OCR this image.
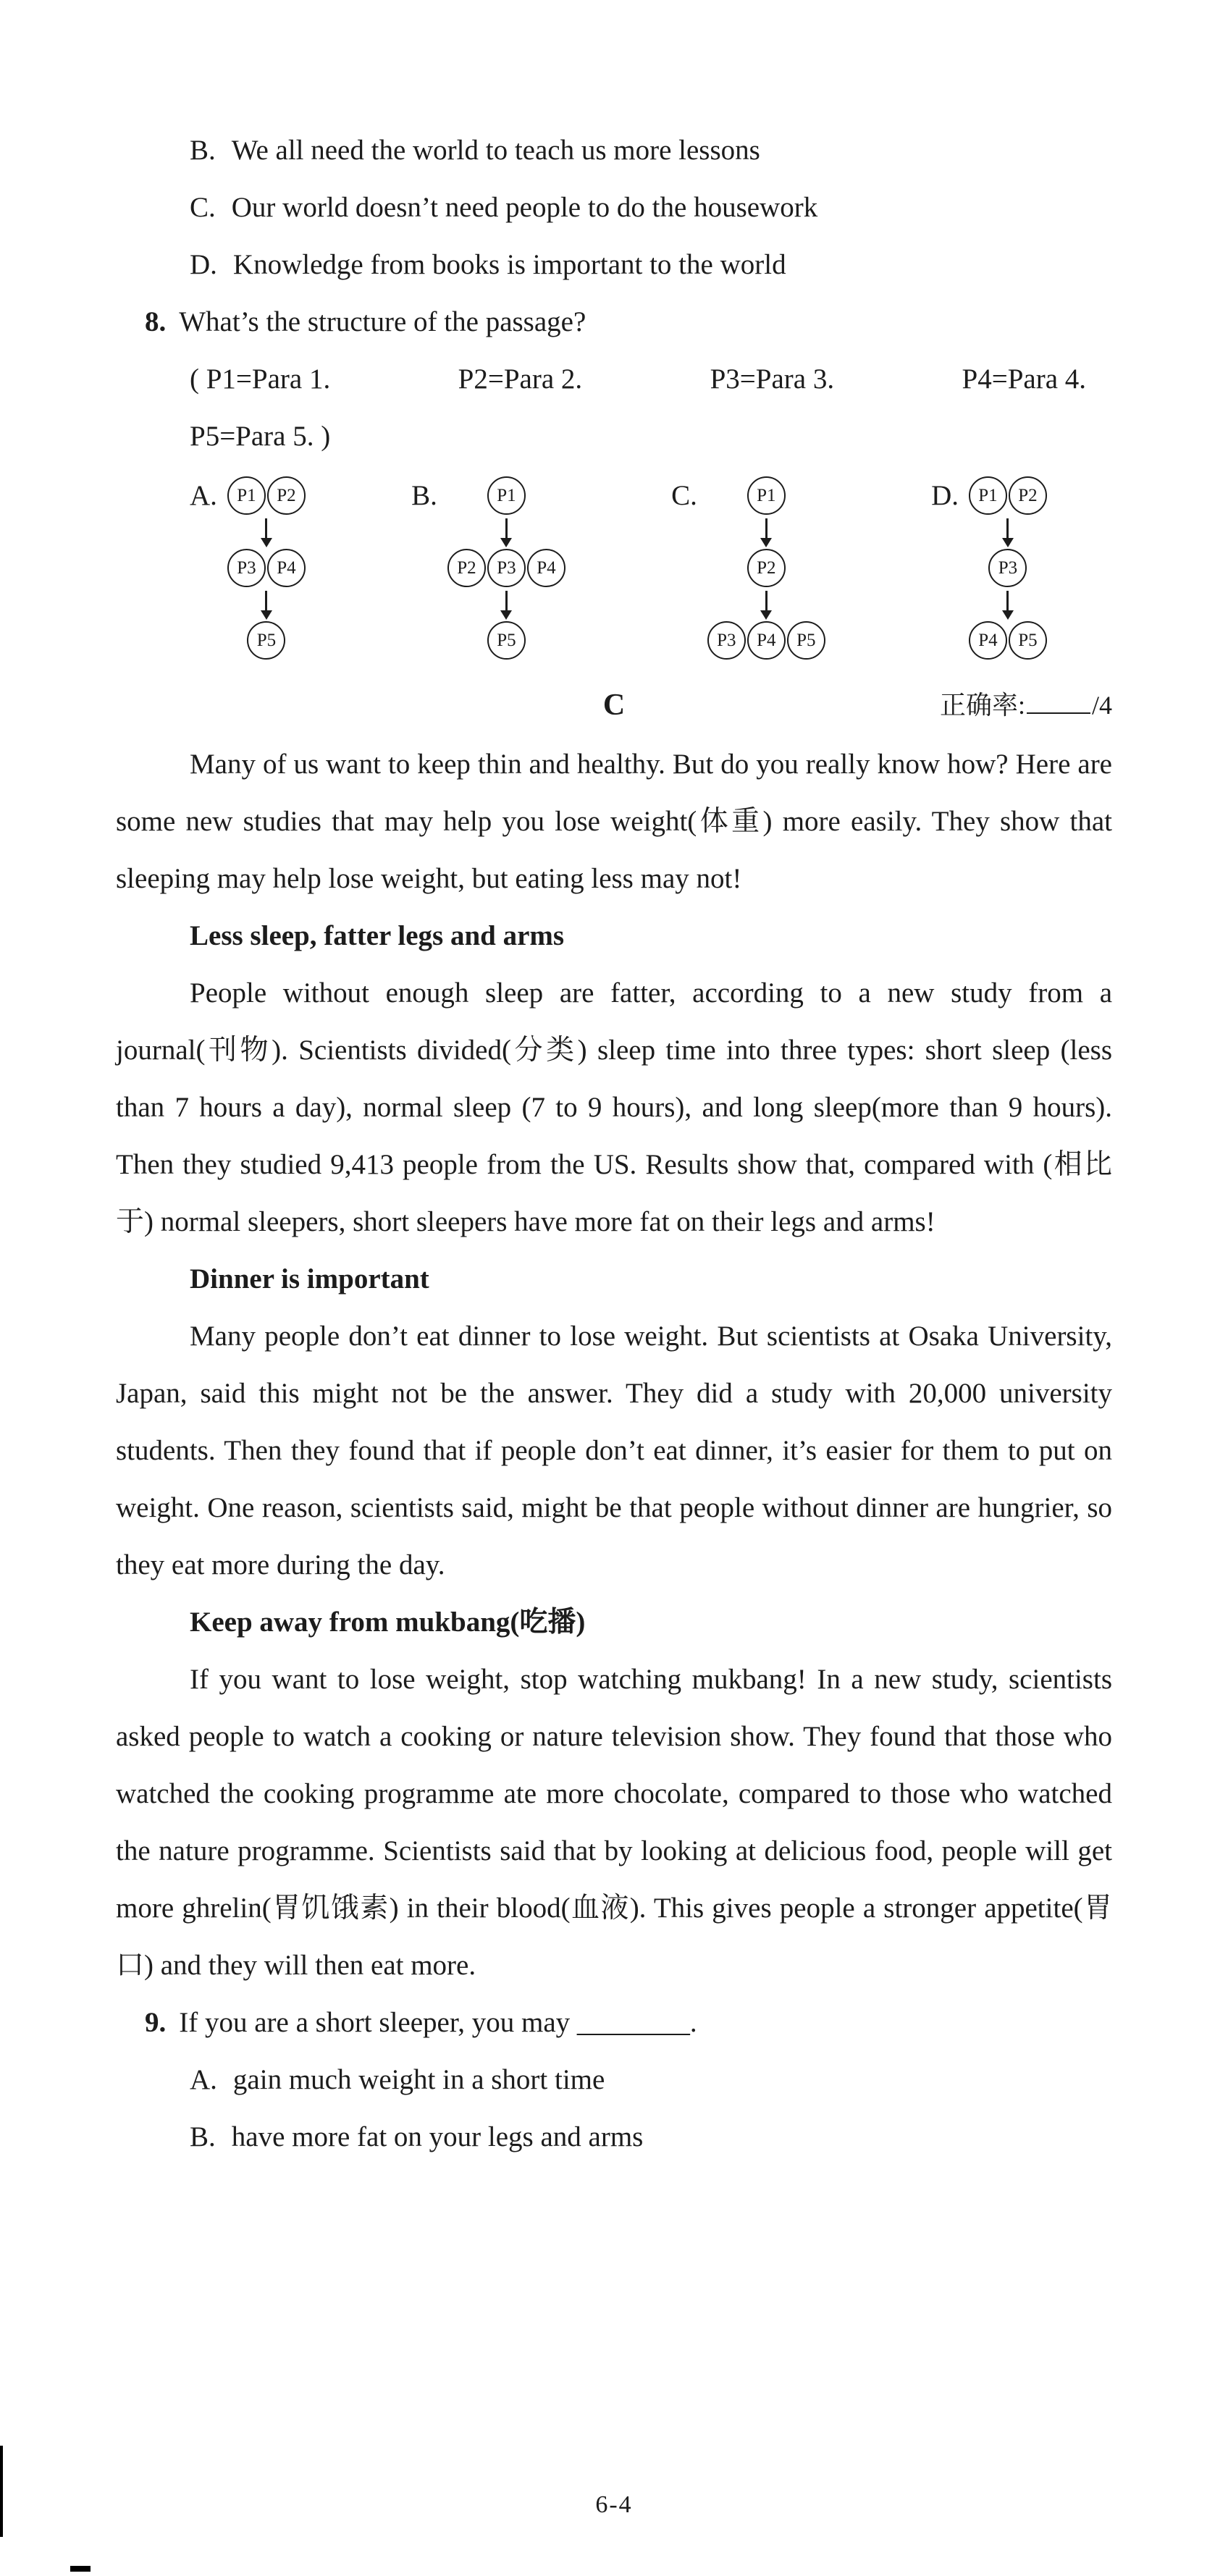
B. We all need the world to teach us more lessons
C. Our world doesn’t need people to do the housework
D. Knowledge from books is important to the world
8. What’s the structure of the passage?
( P1=Para 1.	P2=Para 2.	P3=Para 3.	P4=Para 4.
P5=Para 5. )
A.	P1	P2
P3	P4
P5
B.	P1
P2	P3	P4
P5
C.	P1
P2
P3	P4	P5
D.	P1	P2
P3
P4	P5
C	正确率:	/4

Many of us want to keep thin and healthy. But do you really know how? Here are some new studies that may help you lose weight(体重) more easily. They show that sleeping may help lose weight, but eating less may not!

Less sleep, fatter legs and arms

People without enough sleep are fatter, according to a new study from a journal(刊物). Scientists divided(分类) sleep time into three types: short sleep (less than 7 hours a day), normal sleep (7 to 9 hours), and long sleep(more than 9 hours). Then they studied 9,413 people from the US. Results show that, compared with (相比于) normal sleepers, short sleepers have more fat on their legs and arms!

Dinner is important

Many people don’t eat dinner to lose weight. But scientists at Osaka University, Japan, said this might not be the answer. They did a study with 20,000 university students. Then they found that if people don’t eat dinner, it’s easier for them to put on weight. One reason, scientists said, might be that people without dinner are hungrier, so they eat more during the day.

Keep away from mukbang(吃播)

If you want to lose weight, stop watching mukbang! In a new study, scientists asked people to watch a cooking or nature television show. They found that those who watched the cooking programme ate more chocolate, compared to those who watched the nature programme. Scientists said that by looking at delicious food, people will get more ghrelin(胃饥饿素) in their blood(血液). This gives people a stronger appetite(胃口) and they will then eat more.

9. If you are a short sleeper, you may ________.
A. gain much weight in a short time
B. have more fat on your legs and arms
6-4
